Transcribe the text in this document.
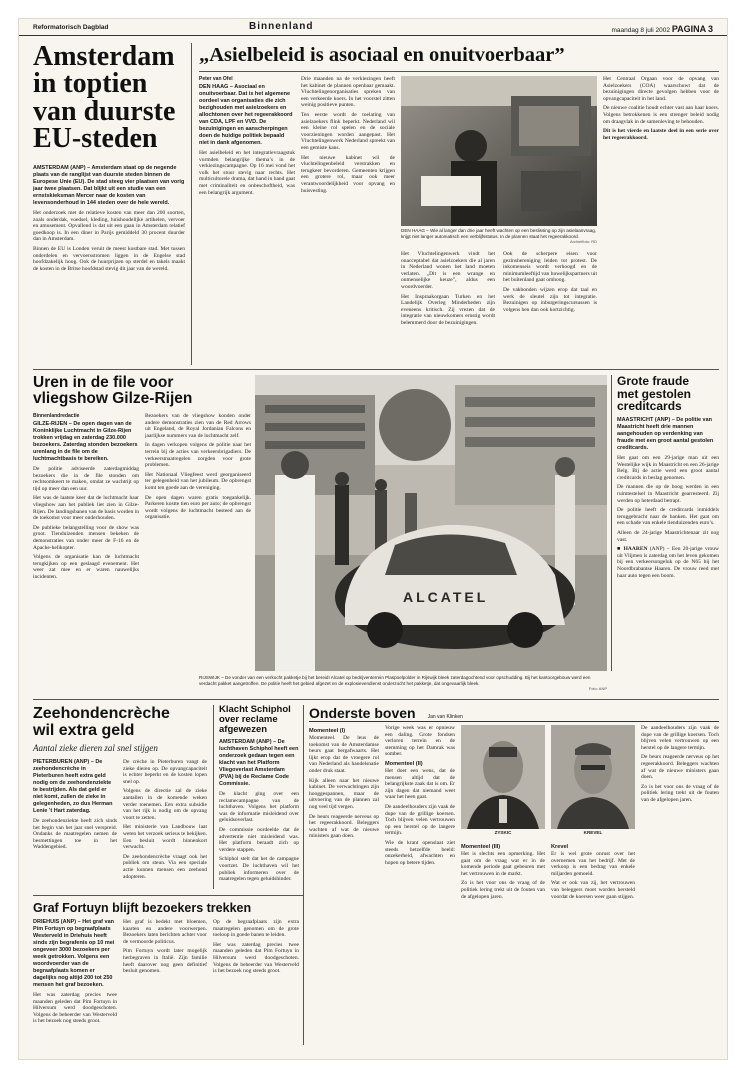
Reformatorisch Dagblad	Binnenland	maandag 8 juli 2002 PAGINA 3
Amsterdam
in toptien
van duurste
EU-steden

AMSTERDAM (ANP) – Amsterdam staat op de negende plaats van de ranglijst van duurste steden binnen de Europese Unie (EU). De stad steeg vier plaatsen van vorig jaar twee plaatsen. Dat blijkt uit een studie van een ernstskieksman Mercer naar de kosten van levensonderhoud in 144 steden over de hele wereld.

Het onderzoek met de relatieve kosten van meer dan 200 soorten, zoals onderdak, voedsel, kleding, huishoudelijke artikelen, vervoer en amusement. Opvallend is dat uit een gaan in Amsterdam relatief goedkoop is. In een diner in Parijs gemiddeld 30 procent duurder dan in Amsterdam.

Binnen de EU is Londen veruit de meest kostbare stad. Met tussen onderdelen en vervoersstromen liggen in de Engelse stad hoofdzakelijk hoog. Ook de huurprijzen op sterdel en takels maakt de kosten in de Britse hoofdstad stevig dit jaar van de wereld.

„Asielbeleid is asociaal en onuitvoerbaar”

Peter van Ofel

DEN HAAG – Asociaal en onuitvoerbaar. Dat is het algemene oordeel van organisaties die zich bezighouden met asielzoekers en allochtonen over het regeerakkoord van CDA, LPF en VVD. De bezuinigingen en aanscherpingen doen de huidige politiek bepaald niet in dank afgenomen.

Het asielbeleid en het integratievraagstuk vormden belangrijke thema’s in de verkiezingscampagne. Op 16 mei vond het volk het stuur stevig naar rechts. Het multiculturele drama, dat hand in hand gaat met criminaliteit en onbeschoftheid, was een belangrijk argument.

Drie maanden na de verkiezingen heeft het kabinet de plannen openbaar gemaakt. Vluchtelingenorganisaties spreken van een verkeerde koers. In het voorstel zitten weinig positieve punten.

Ten eerste wordt de toelating van asielzoekers flink beperkt. Nederland wil een kleine rol spelen en de sociale voorzieningen worden aangepast. Het Vluchtelingenwerk Nederland spreekt van een gemiste kans.

Het nieuwe kabinet wil de vluchtelingenbeleid verstrakken en terugkeer bevorderen. Gemeenten krijgen een grotere rol, maar ook meer verantwoordelijkheid voor opvang en huisvesting.

DEN HAAG – Wie al langer dan drie jaar heeft wachten op een beslissing op zijn asielaanvraag, krijgt niet langer automatisch een verblijfsstatus. In de plannen staat het regeerakkoord.
Archieffoto: RD

Het Vluchtelingenwerk vindt het onacceptabel dat asielzoekers die al jaren in Nederland wonen het land moeten verlaten. „Dit is een wrange en onmenselijke keuze”, aldus een woordvoerder.

Het Inspraakorgaan Turken en het Landelijk Overleg Minderheden zijn eveneens kritisch. Zij vrezen dat de integratie van nieuwkomers ernstig wordt belemmerd door de bezuinigingen.

Ook de scherpere eisen voor gezinshereniging leiden tot protest. De inkomenseis wordt verhoogd en de minimumleeftijd van huwelijkspartners uit het buitenland gaat omhoog.

De vakbonden wijzen erop dat taal en werk de sleutel zijn tot integratie. Bezuinigen op inburgeringscursussen is volgens hen dan ook kortzichtig.

Het Centraal Orgaan voor de opvang van Asielzoekers (COA) waarschuwt dat de bezuinigingen directe gevolgen hebben voor de opvangcapaciteit in het land.

De nieuwe coalitie houdt echter vast aan haar koers. Volgens betrokkenen is een strenger beleid nodig om draagvlak in de samenleving te behouden.

Dit is het vierde en laatste deel in een serie over het regeerakkoord.

Uren in de file voor
vliegshow Gilze-Rijen

Binnenlandredactie

GILZE-RIJEN – De open dagen van de Koninklijke Luchtmacht in Gilze-Rijen trokken vrijdag en zaterdag 230.000 bezoekers. Zaterdag stonden bezoekers urenlang in de file om de luchtmachtbasis te bereiken.

De politie adviseerde zaterdagmiddag bezoekers die in de file stonden om rechtsomkeert te maken, omdat ze wachtrijt op tijd op meer dan een uur.

Het was de laatste keer dat de luchtmacht haar vliegshow aan het publiek liet zien in Gilze-Rijen. De landingsbanen van de basis worden in de toekomst voor meer onderhouden.

De publieke belangstelling voor de show was groot. Tienduizenden mensen bekeken de demonstraties van onder meer de F-16 en de Apache-helikopter.

Volgens de organisatie kan de luchtmacht terugkijken op een geslaagd evenement. Het weer zat mee en er waren nauwelijks incidenten.

Bezoekers van de vliegshow konden onder andere demonstraties zien van de Red Arrows uit Engeland, de Royal Jordanian Falcons en jaarlijkse nummers van de luchtmacht zelf.

In dagen verkopen volgens de politie naar het terrein bij de acties van verkeersbrigadiers. De verkeersmaatregelen zorgden voor grote problemen.

Het Nationaal Vliegfeest werd georganiseerd ter gelegenheid van het jubileum. De opbrengst komt ten goede aan de vereniging.

De open dagen waren gratis toegankelijk. Parkeren kostte tien euro per auto; de opbrengst wordt volgens de luchtmacht besteed aan de organisatie.

ALCATEL
Grote fraude
met gestolen
creditcards

MAASTRICHT (ANP) – De politie van Maastricht heeft drie mannen aangehouden op verdenking van fraude met een groot aantal gestolen creditcards.

Het gaat om een 29-jarige man uit een Westelijke wijk in Maastricht en een 26-jarige Belg. Bij de actie werd een groot aantal creditcards in beslag genomen.

De mannen die op de boog werden in een ruimtestelsel in Maastricht gearresteerd. Zij werden op heterdaad betrapt.

De politie heeft de creditcards inmiddels teruggebracht naar de banken. Het gaat om een schade van enkele tienduizenden euro’s.

Alleen de 24-jarige Maastrichtenaar zit nog vast.

■ HAAREN (ANP) – Een 20-jarige vrouw uit Vlijmen is zaterdag om het leven gekomen bij een verkeersongeluk op de N65 bij het Noordbrabantse Haaren. De vrouw reed met haar auto tegen een boom.

RIJSWIJK – De vonder van een verkocht pakketje bij het bereid! Alcatel op bedrijventerrein Plaspoelpolder in Rijswijk bleek zaterdagochtend voor opschudding. Bij het kantoorgebouw werd een verdacht pakket aangetroffen. De politie heeft het gebied afgezet en de explosievendienst onderzocht het pakketje, dat ongevaarlijk bleek.
Foto: ANP
Zeehondencrèche
wil extra geld
Aantal zieke dieren zal snel stijgen

PIETERBUREN (ANP) – De zeehondencrèche in Pieterburen heeft extra geld nodig om de zeehondenziekte te bestrijden. Als dat geld er niet komt, zullen de zieke in gelegenheden, zo dus Herman Lenie ’t Hart zaterdag.

De zeehondenziekte heeft zich sinds het begin van het jaar snel verspreid. Ondanks de maatregelen nemen de besmettingen toe in het Waddengebied.

De crèche in Pieterburen vangt de zieke dieren op. De opvangcapaciteit is echter beperkt en de kosten lopen snel op.

Volgens de directie zal de zieke aantallen in de komende weken verder toenemen. Een extra subsidie van het rijk is nodig om de opvang voort te zetten.

Het ministerie van Landbouw laat weten het verzoek serieus te bekijken. Een besluit wordt binnenkort verwacht.

De zeehondencrèche vraagt ook het publiek om steun. Via een speciale actie kunnen mensen een zeehond adopteren.

Klacht Schiphol
over reclame
afgewezen

AMSTERDAM (ANP) – De luchthaven Schiphol heeft een onderzoek gedaan tegen een klacht van het Platform Vliegoverlast Amsterdam (PVA) bij de Reclame Code Commissie.

De klacht ging over een reclamecampagne van de luchthaven. Volgens het platform was de informatie misleidend over geluidsoverlast.

De commissie oordeelde dat de advertentie niet misleidend was. Het platform beraadt zich op verdere stappen.

Schiphol stelt dat het de campagne voortzet. De luchthaven wil het publiek informeren over de maatregelen tegen geluidshinder.

Onderste boven Jan van Klinken

Momenteel (I)

Momenteel. De leus de toekomst van de Amsterdamse beurs gaat bergafwaarts. Het lijkt erop dat de vroegere rol van Nederland als handelsnatie onder druk staat.

Kijk alleen naar het nieuwe kabinet. De verwachtingen zijn hooggespannen, maar de uitvoering van de plannen zal nog veel tijd vergen.

De beurs reageerde nerveus op het regeerakkoord. Beleggers wachten af wat de nieuwe ministers gaan doen.

Vorige week was er opnieuw een daling. Grote fondsen verloren terrein en de stemming op het Damrak was somber.

Momenteel (II)

Het doet een wens, dat de mensen altijd dat de belangrijkste zaak dat is om. Er zijn dagen dat niemand weet waar het heen gaat.

De aandeelhouders zijn vaak de dupe van de grillige koersen. Toch blijven velen vertrouwen op een herstel op de langere termijn.

Wie de krant openslaat ziet steeds hetzelfde beeld: onzekerheid, afwachten en hopen op betere tijden.

ZYSKIC	KREVEL

Momenteel (III)

Het is slechts een opmerking. Het gaat om de vraag wat er in de komende periode gaat gebeuren met het vertrouwen in de markt.

Zo is het voor ons de vraag of de politiek lering trekt uit de fouten van de afgelopen jaren.

Krevel

Er is wel grote onrust over het overnemen van het bedrijf. Met de verkoop is een bedrag van enkele miljarden gemoeid.

Wat er ook van zij, het vertrouwen van beleggers moet worden hersteld voordat de koersen weer gaan stijgen.

De aandeelhouders zijn vaak de dupe van de grillige koersen. Toch blijven velen vertrouwen op een herstel op de langere termijn.

De beurs reageerde nerveus op het regeerakkoord. Beleggers wachten af wat de nieuwe ministers gaan doen.

Zo is het voor ons de vraag of de politiek lering trekt uit de fouten van de afgelopen jaren.

Graf Fortuyn blijft bezoekers trekken

DRIEHUIS (ANP) – Het graf van Pim Fortuyn op begraafplaats Westerveld in Driehuis heeft sinds zijn begrafenis op 10 mei ongeveer 3000 bezoekers per week getrokken. Volgens een woordvoerder van de begraafplaats komen er dagelijks nog altijd 200 tot 250 mensen het graf bezoeken.

Het was zaterdag precies twee maanden geleden dat Pim Fortuyn in Hilversum werd doodgeschoten. Volgens de beheerder van Westerveld is het bezoek nog steeds groot.

Het graf is bedekt met bloemen, kaarten en andere voorwerpen. Bezoekers laten berichten achter voor de vermoorde politicus.

Pim Fortuyn wordt later mogelijk herbegraven in Italië. Zijn familie heeft daarover nog geen definitief besluit genomen.

Op de begraafplaats zijn extra maatregelen genomen om de grote toeloop in goede banen te leiden.

Het was zaterdag precies twee maanden geleden dat Pim Fortuyn in Hilversum werd doodgeschoten. Volgens de beheerder van Westerveld is het bezoek nog steeds groot.
